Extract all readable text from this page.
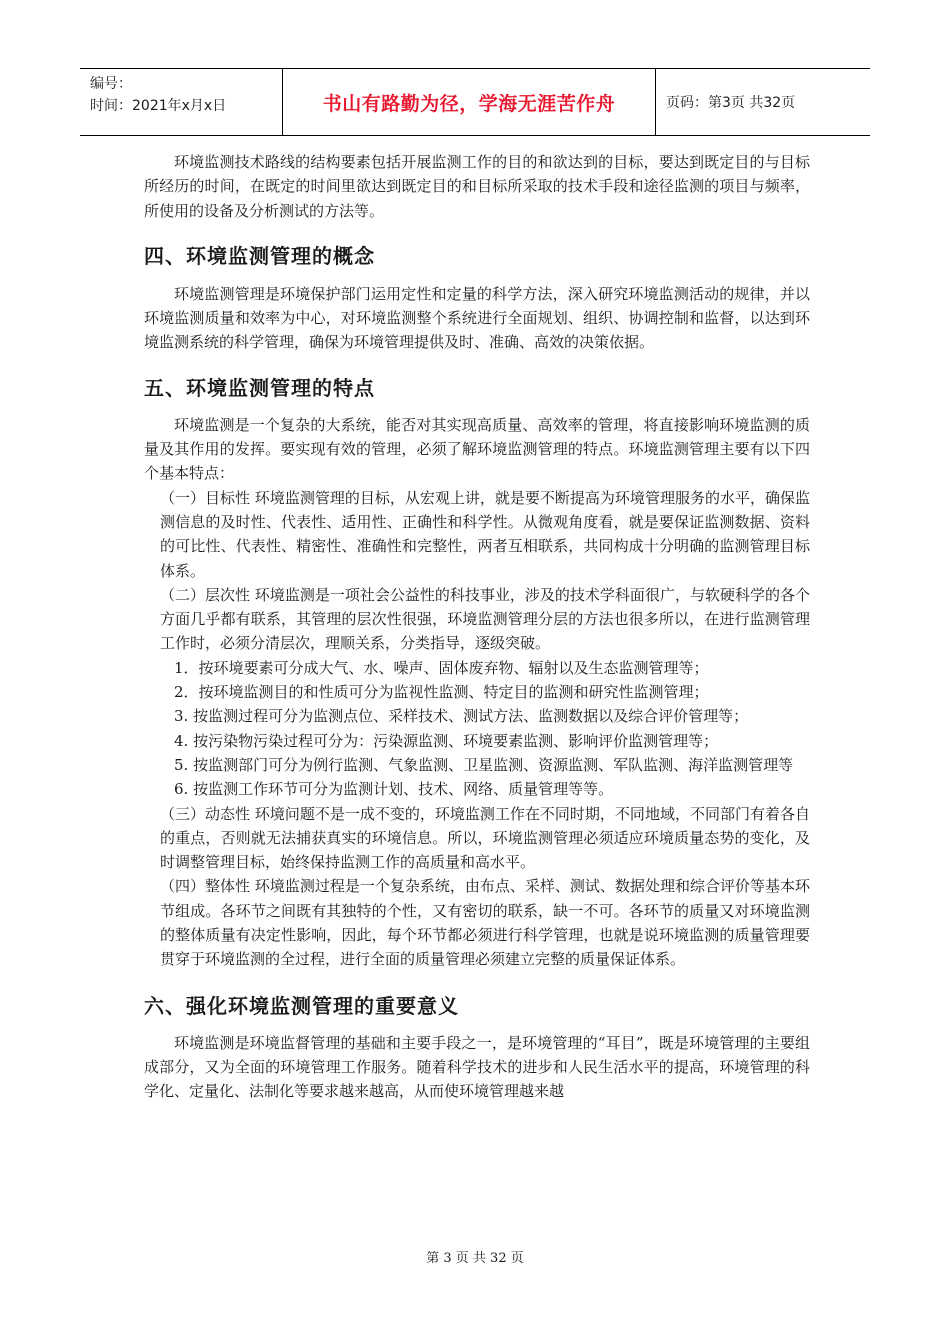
编号：
时间：2021年x月x日	书山有路勤为径，学海无涯苦作舟	页码：第3页 共32页

环境监测技术路线的结构要素包括开展监测工作的目的和欲达到的目标，要达到既定目的与目标所经历的时间，在既定的时间里欲达到既定目的和目标所采取的技术手段和途径监测的项目与频率，所使用的设备及分析测试的方法等。

四、环境监测管理的概念

环境监测管理是环境保护部门运用定性和定量的科学方法，深入研究环境监测活动的规律，并以环境监测质量和效率为中心，对环境监测整个系统进行全面规划、组织、协调控制和监督，以达到环境监测系统的科学管理，确保为环境管理提供及时、准确、高效的决策依据。

五、环境监测管理的特点

环境监测是一个复杂的大系统，能否对其实现高质量、高效率的管理，将直接影响环境监测的质量及其作用的发挥。要实现有效的管理，必须了解环境监测管理的特点。环境监测管理主要有以下四个基本特点：

（一）目标性 环境监测管理的目标，从宏观上讲，就是要不断提高为环境管理服务的水平，确保监测信息的及时性、代表性、适用性、正确性和科学性。从微观角度看，就是要保证监测数据、资料的可比性、代表性、精密性、准确性和完整性，两者互相联系，共同构成十分明确的监测管理目标体系。

（二）层次性 环境监测是一项社会公益性的科技事业，涉及的技术学科面很广，与软硬科学的各个方面几乎都有联系，其管理的层次性很强，环境监测管理分层的方法也很多所以，在进行监测管理工作时，必须分清层次，理顺关系，分类指导，逐级突破。

1．按环境要素可分成大气、水、噪声、固体废弃物、辐射以及生态监测管理等；

2．按环境监测目的和性质可分为监视性监测、特定目的监测和研究性监测管理；

3. 按监测过程可分为监测点位、采样技术、测试方法、监测数据以及综合评价管理等；

4. 按污染物污染过程可分为：污染源监测、环境要素监测、影响评价监测管理等；

5. 按监测部门可分为例行监测、气象监测、卫星监测、资源监测、军队监测、海洋监测管理等

6. 按监测工作环节可分为监测计划、技术、网络、质量管理等等。

（三）动态性 环境问题不是一成不变的，环境监测工作在不同时期，不同地域，不同部门有着各自的重点，否则就无法捕获真实的环境信息。所以，环境监测管理必须适应环境质量态势的变化，及时调整管理目标，始终保持监测工作的高质量和高水平。

（四）整体性 环境监测过程是一个复杂系统，由布点、采样、测试、数据处理和综合评价等基本环节组成。各环节之间既有其独特的个性，又有密切的联系，缺一不可。各环节的质量又对环境监测的整体质量有决定性影响，因此，每个环节都必须进行科学管理，也就是说环境监测的质量管理要贯穿于环境监测的全过程，进行全面的质量管理必须建立完整的质量保证体系。

六、强化环境监测管理的重要意义

环境监测是环境监督管理的基础和主要手段之一，是环境管理的“耳目”，既是环境管理的主要组成部分，又为全面的环境管理工作服务。随着科学技术的进步和人民生活水平的提高，环境管理的科学化、定量化、法制化等要求越来越高，从而使环境管理越来越

第 3 页 共 32 页
